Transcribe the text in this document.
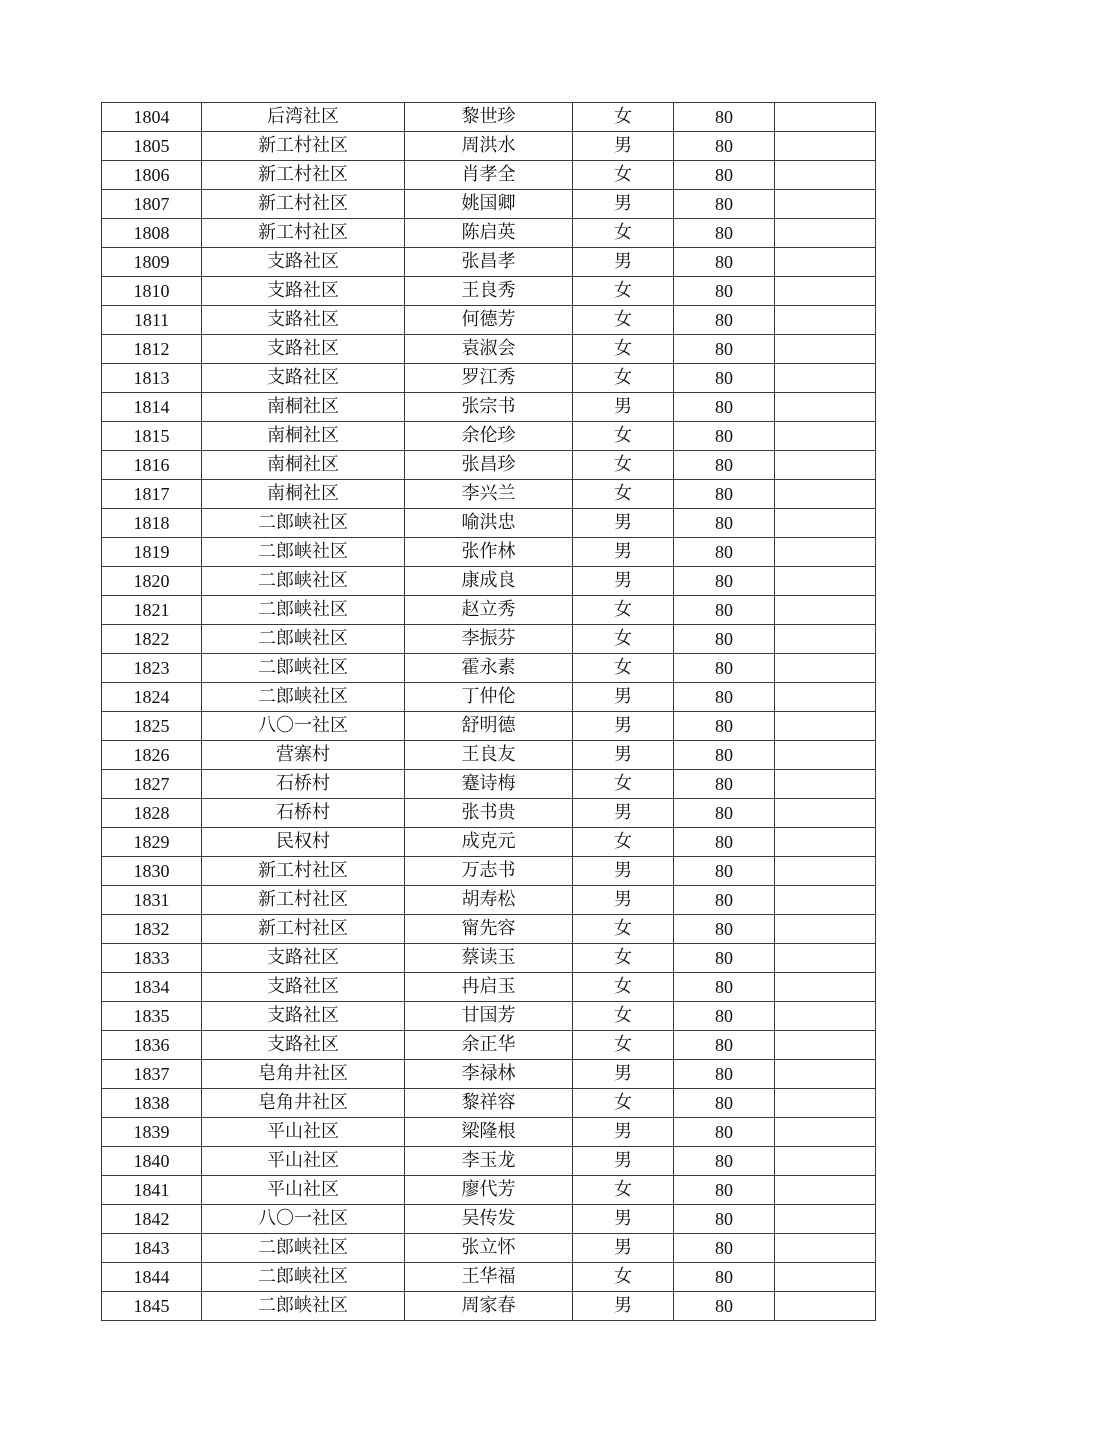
1804	后湾社区	黎世珍	女	80	
1805	新工村社区	周洪水	男	80	
1806	新工村社区	肖孝全	女	80	
1807	新工村社区	姚国卿	男	80	
1808	新工村社区	陈启英	女	80	
1809	支路社区	张昌孝	男	80	
1810	支路社区	王良秀	女	80	
1811	支路社区	何德芳	女	80	
1812	支路社区	袁淑会	女	80	
1813	支路社区	罗江秀	女	80	
1814	南桐社区	张宗书	男	80	
1815	南桐社区	余伦珍	女	80	
1816	南桐社区	张昌珍	女	80	
1817	南桐社区	李兴兰	女	80	
1818	二郎峡社区	喻洪忠	男	80	
1819	二郎峡社区	张作林	男	80	
1820	二郎峡社区	康成良	男	80	
1821	二郎峡社区	赵立秀	女	80	
1822	二郎峡社区	李振芬	女	80	
1823	二郎峡社区	霍永素	女	80	
1824	二郎峡社区	丁仲伦	男	80	
1825	八〇一社区	舒明德	男	80	
1826	营寨村	王良友	男	80	
1827	石桥村	蹇诗梅	女	80	
1828	石桥村	张书贵	男	80	
1829	民权村	成克元	女	80	
1830	新工村社区	万志书	男	80	
1831	新工村社区	胡寿松	男	80	
1832	新工村社区	甯先容	女	80	
1833	支路社区	蔡读玉	女	80	
1834	支路社区	冉启玉	女	80	
1835	支路社区	甘国芳	女	80	
1836	支路社区	余正华	女	80	
1837	皂角井社区	李禄林	男	80	
1838	皂角井社区	黎祥容	女	80	
1839	平山社区	梁隆根	男	80	
1840	平山社区	李玉龙	男	80	
1841	平山社区	廖代芳	女	80	
1842	八〇一社区	吴传发	男	80	
1843	二郎峡社区	张立怀	男	80	
1844	二郎峡社区	王华福	女	80	
1845	二郎峡社区	周家春	男	80	
